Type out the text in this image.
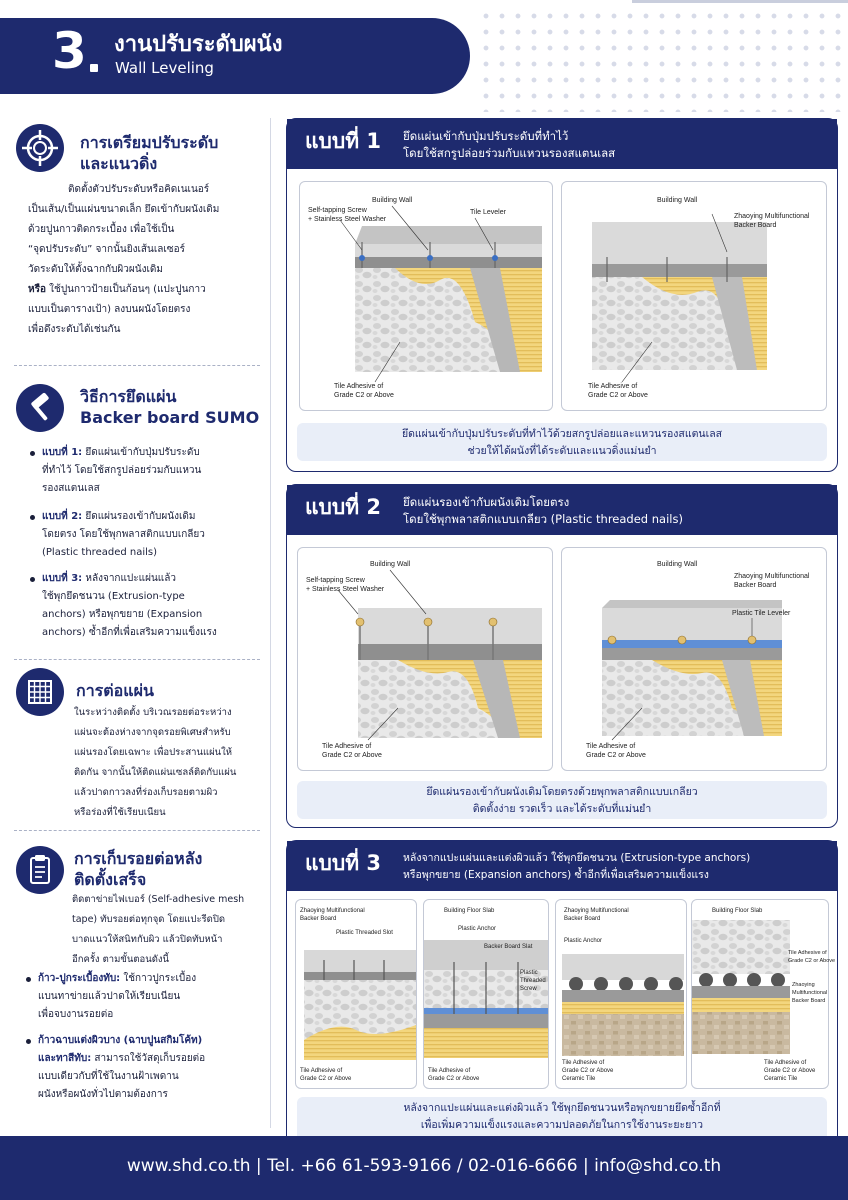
3 งานปรับระดับผนัง
Wall Leveling
การเตรียมปรับระดับ
และแนวดิ่ง
ติดตั้งตัวปรับระดับหรือคิดเนเนอร์
เป็นเส้น/เป็นแผ่นขนาดเล็ก ยึดเข้ากับผนังเดิม
ด้วยปูนกาวติดกระเบื้อง เพื่อใช้เป็น
“จุดปรับระดับ” จากนั้นยิงเส้นเลเซอร์
วัดระดับให้ตั้งฉากกับผิวผนังเดิม
หรือ ใช้ปูนกาวป้ายเป็นก้อนๆ (แปะปูนกาว
แบบเป็นตารางเป้า) ลงบนผนังโดยตรง
เพื่อดึงระดับได้เช่นกัน
วิธีการยึดแผ่น
Backer board SUMO
แบบที่ 1: ยึดแผ่นเข้ากับปุ่มปรับระดับ
ที่ทำไว้ โดยใช้สกรูปล่อยร่วมกับแหวน
รองสแตนเลส
แบบที่ 2: ยึดแผ่นรองเข้ากับผนังเดิม
โดยตรง โดยใช้พุกพลาสติกแบบเกลียว
(Plastic threaded nails)
แบบที่ 3: หลังจากแปะแผ่นแล้ว
ใช้พุกยึดชนวน (Extrusion-type
anchors) หรือพุกขยาย (Expansion
anchors) ซ้ำอีกที่เพื่อเสริมความแข็งแรง
การต่อแผ่น
ในระหว่างติดตั้ง บริเวณรอยต่อระหว่าง
แผ่นจะต้องห่างจากจุดรอยพิเศษสำหรับ
แผ่นรองโดยเฉพาะ เพื่อประสานแผ่นให้
ติดกัน จากนั้นให้ติดแผ่นเซลล์ติดกับแผ่น
แล้วปาดกาวลงที่ร่องเก็บรอยตามผิว
หรือร่องที่ใช้เรียบเนียน
การเก็บรอยต่อหลัง
ติดตั้งเสร็จ
ติดตาข่ายไฟเบอร์ (Self-adhesive mesh
tape) ทับรอยต่อทุกจุด โดยแปะรีดปิด
บาดแนวให้สนิทกับผิว แล้วปิดทับหน้า
อีกครั้ง ตามขั้นตอนดังนี้
ก้าว-ปูกระเบื้องทับ: ใช้กาวปูกระเบื้อง
แบนทาข่ายแล้วปาดให้เรียบเนียน
เพื่อจบงานรอยต่อ
ก้าวฉาบแต่งผิวบาง (ฉาบปูนสกิมโค้ท)
และทาสีทับ: สามารถใช้วัสดุเก็บรอยต่อ
แบบเดียวกับที่ใช้ในงานฝ้าเพดาน
ผนังหรือผนังทั่วไปตามต้องการ
แบบที่ 1 ยึดแผ่นเข้ากับปุ่มปรับระดับที่ทำไว้
โดยใช้สกรูปล่อยร่วมกับแหวนรองสแตนเลส
Building Wall
Self-tapping Screw
+ Stainless Steel Washer
Tile Leveler
Tile Adhesive of
Grade C2 or Above
Building Wall
Zhaoying Multifunctional
Backer Board
Tile Adhesive of
Grade C2 or Above
ยึดแผ่นเข้ากับปุ่มปรับระดับที่ทำไว้ด้วยสกรูปล่อยและแหวนรองสแตนเลส
ช่วยให้ได้ผนังที่ได้ระดับและแนวดิ่งแม่นยำ
แบบที่ 2 ยึดแผ่นรองเข้ากับผนังเดิมโดยตรง
โดยใช้พุกพลาสติกแบบเกลียว (Plastic threaded nails)
Building Wall
Self-tapping Screw
+ Stainless Steel Washer
Tile Adhesive of
Grade C2 or Above
Building Wall
Zhaoying Multifunctional
Backer Board
Plastic Tile Leveler
Tile Adhesive of
Grade C2 or Above
ยึดแผ่นรองเข้ากับผนังเดิมโดยตรงด้วยพุกพลาสติกแบบเกลียว
ติดตั้งง่าย รวดเร็ว และได้ระดับที่แม่นยำ
แบบที่ 3 หลังจากแปะแผ่นและแต่งผิวแล้ว ใช้พุกยึดชนวน (Extrusion-type anchors)
หรือพุกขยาย (Expansion anchors) ซ้ำอีกที่เพื่อเสริมความแข็งแรง
Zhaoying Multifunctional
Backer Board
Plastic Threaded Slot
Tile Adhesive of
Grade C2 or Above
Building Floor Slab
Plastic Anchor
Backer Board Slat
Plastic
Threaded
Screw
Tile Adhesive of
Grade C2 or Above
Zhaoying Multifunctional
Backer Board
Plastic Anchor
Tile Adhesive of
Grade C2 or Above
Ceramic Tile
Building Floor Slab
Tile Adhesive of
Grade C2 or Above
Zhaoying
Multifunctional
Backer Board
Tile Adhesive of
Grade C2 or Above
Ceramic Tile
หลังจากแปะแผ่นและแต่งผิวแล้ว ใช้พุกยึดชนวนหรือพุกขยายยึดซ้ำอีกที่
เพื่อเพิ่มความแข็งแรงและความปลอดภัยในการใช้งานระยะยาว
www.shd.co.th | Tel. +66 61-593-9166 / 02-016-6666 | info@shd.co.th
